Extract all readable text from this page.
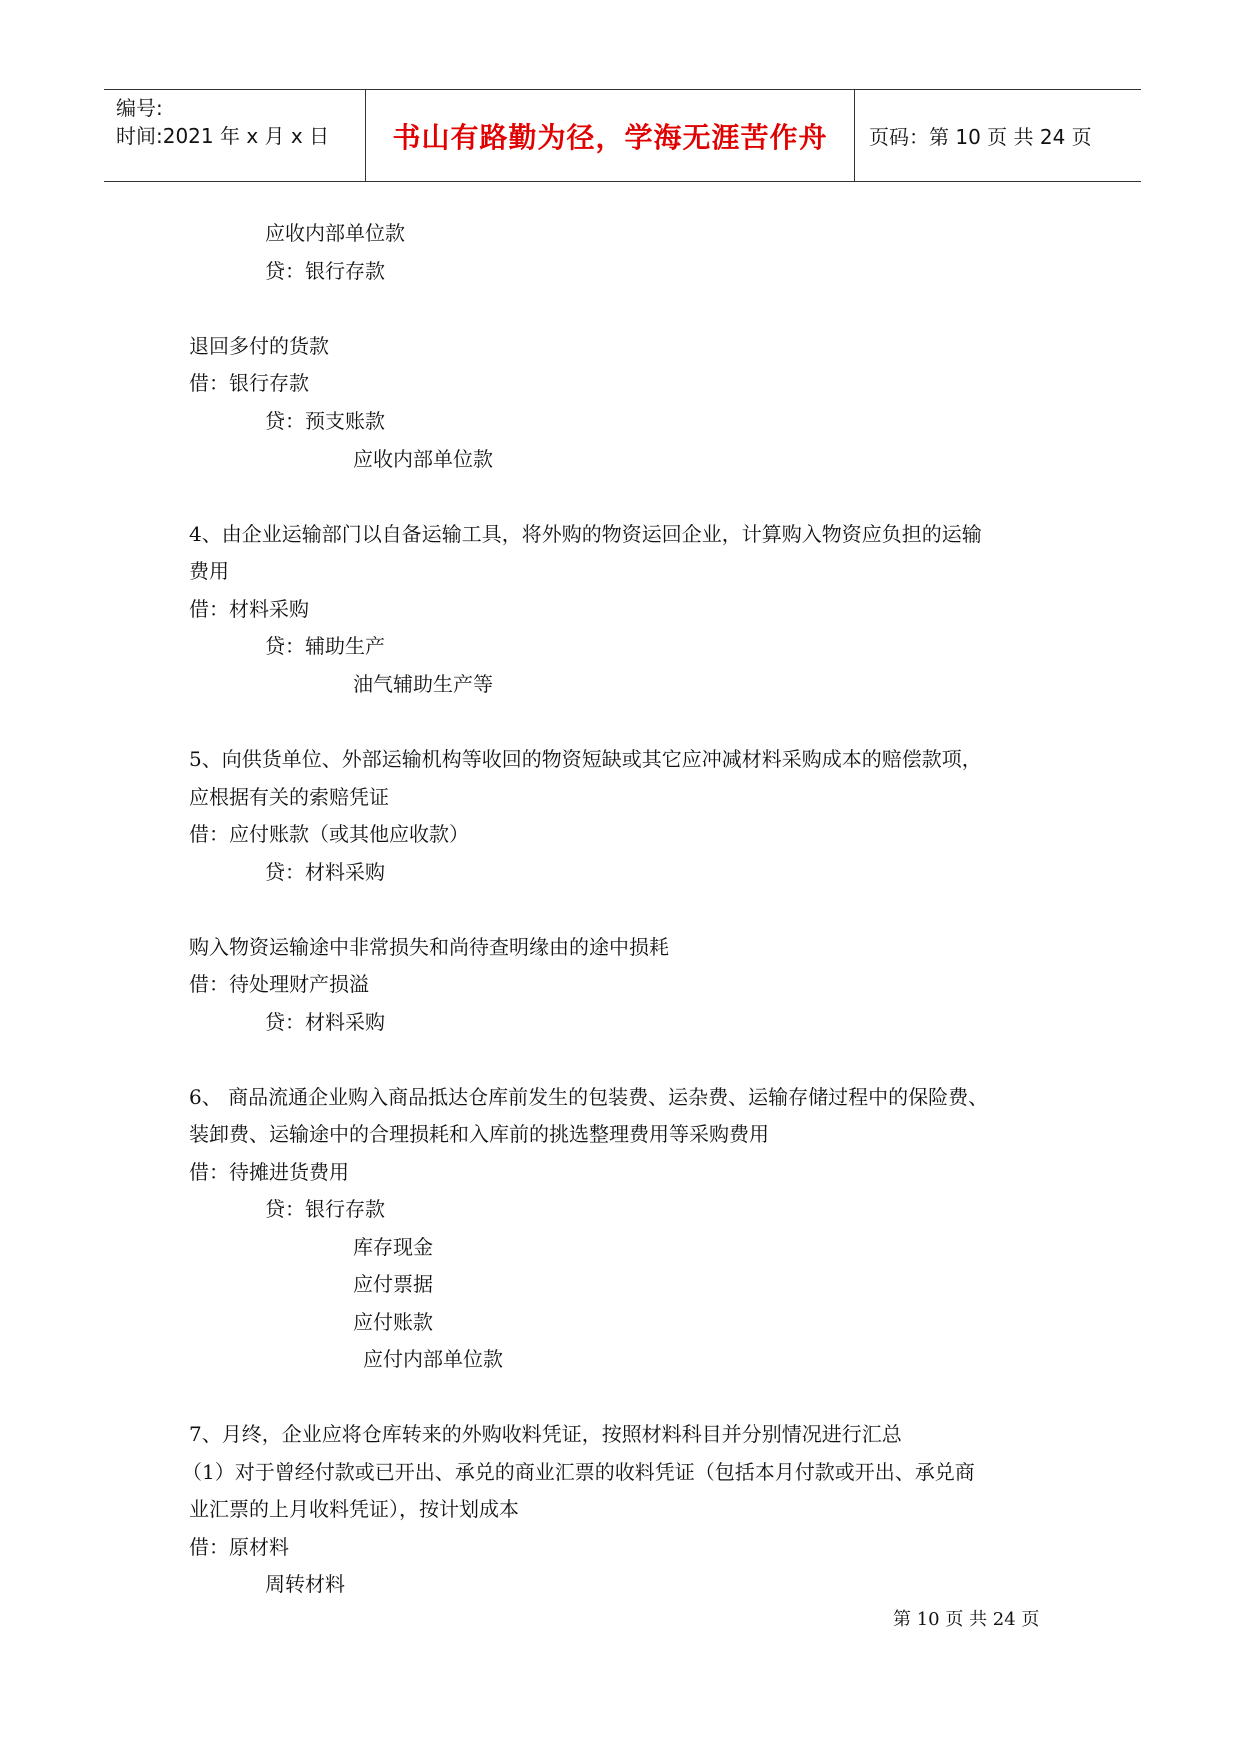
编号:
时间:2021 年 x 月 x 日	书山有路勤为径，学海无涯苦作舟 页码：第 10 页 共 24 页
应收内部单位款
贷：银行存款
退回多付的货款
借：银行存款
贷：预支账款
应收内部单位款
4、由企业运输部门以自备运输工具，将外购的物资运回企业，计算购入物资应负担的运输
费用
借：材料采购
贷：辅助生产
油气辅助生产等
5、向供货单位、外部运输机构等收回的物资短缺或其它应冲减材料采购成本的赔偿款项，
应根据有关的索赔凭证
借：应付账款（或其他应收款）
贷：材料采购
购入物资运输途中非常损失和尚待查明缘由的途中损耗
借：待处理财产损溢
贷：材料采购
6、 商品流通企业购入商品抵达仓库前发生的包装费、运杂费、运输存储过程中的保险费、
装卸费、运输途中的合理损耗和入库前的挑选整理费用等采购费用
借：待摊进货费用
贷：银行存款
库存现金
应付票据
应付账款
应付内部单位款
7、月终，企业应将仓库转来的外购收料凭证，按照材料科目并分别情况进行汇总
（1）对于曾经付款或已开出、承兑的商业汇票的收料凭证（包括本月付款或开出、承兑商
业汇票的上月收料凭证），按计划成本
借：原材料
周转材料
第 10 页 共 24 页
